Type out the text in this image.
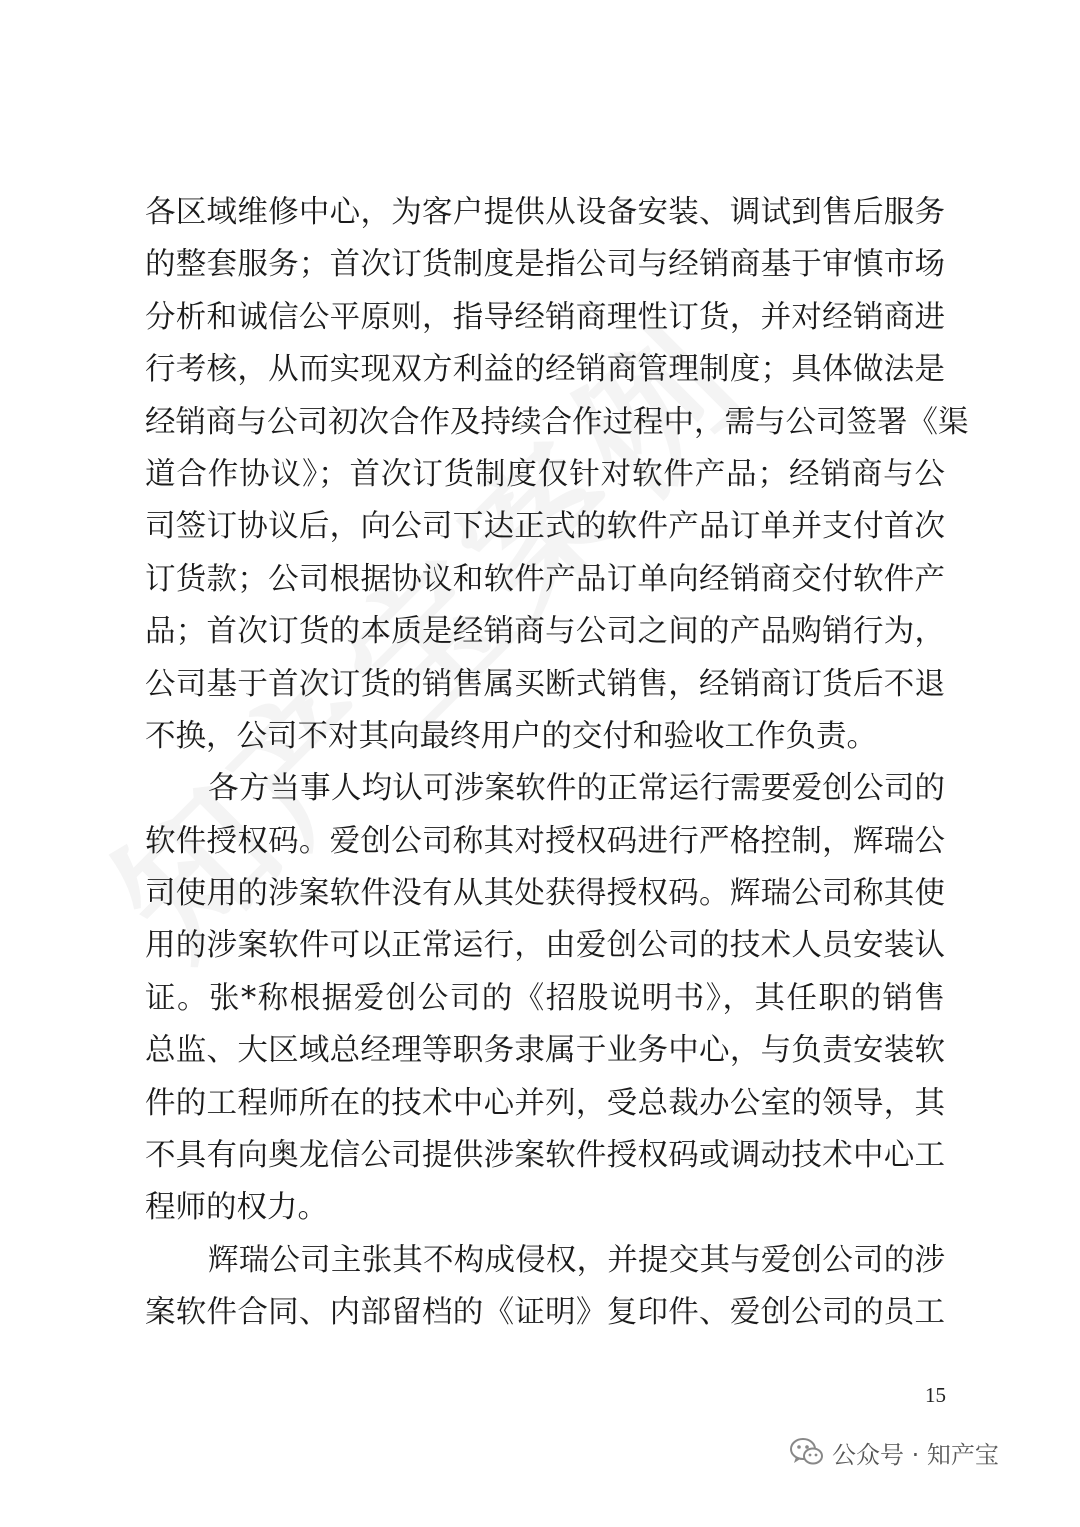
各区域维修中心，为客户提供从设备安装、调试到售后服务
的整套服务；首次订货制度是指公司与经销商基于审慎市场
分析和诚信公平原则，指导经销商理性订货，并对经销商进
行考核，从而实现双方利益的经销商管理制度；具体做法是
经销商与公司初次合作及持续合作过程中，需与公司签署《渠
道合作协议》；首次订货制度仅针对软件产品；经销商与公
司签订协议后，向公司下达正式的软件产品订单并支付首次
订货款；公司根据协议和软件产品订单向经销商交付软件产
品；首次订货的本质是经销商与公司之间的产品购销行为，
公司基于首次订货的销售属买断式销售，经销商订货后不退
不换，公司不对其向最终用户的交付和验收工作负责。
各方当事人均认可涉案软件的正常运行需要爱创公司的
软件授权码。爱创公司称其对授权码进行严格控制，辉瑞公
司使用的涉案软件没有从其处获得授权码。辉瑞公司称其使
用的涉案软件可以正常运行，由爱创公司的技术人员安装认
证。张*称根据爱创公司的《招股说明书》，其任职的销售
总监、大区域总经理等职务隶属于业务中心，与负责安装软
件的工程师所在的技术中心并列，受总裁办公室的领导，其
不具有向奥龙信公司提供涉案软件授权码或调动技术中心工
程师的权力。
辉瑞公司主张其不构成侵权，并提交其与爱创公司的涉
案软件合同、内部留档的《证明》复印件、爱创公司的员工
15
公众号 · 知产宝
